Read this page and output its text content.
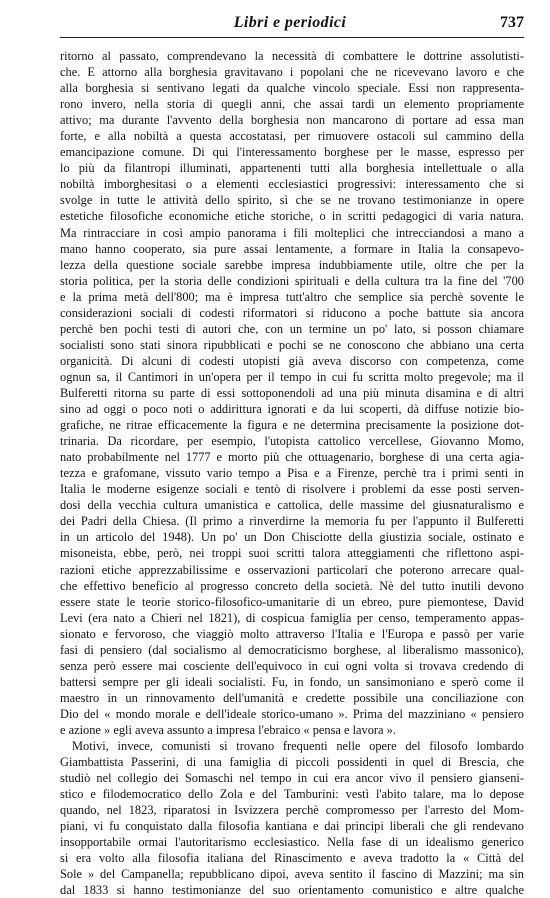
Libri e periodici	737
ritorno al passato, comprendevano la necessità di combattere le dottrine assolutisti-
che. E attorno alla borghesia gravitavano i popolani che ne ricevevano lavoro e che
alla borghesia si sentivano legati da qualche vincolo speciale. Essi non rappresenta-
rono invero, nella storia di quegli anni, che assai tardi un elemento propriamente
attivo; ma durante l'avvento della borghesia non mancarono di portare ad essa man
forte, e alla nobiltà a questa accostatasi, per rimuovere ostacoli sul cammino della
emancipazione comune. Di qui l'interessamento borghese per le masse, espresso per
lo più da filantropi illuminati, appartenenti tutti alla borghesia intellettuale o alla
nobiltà imborghesitasi o a elementi ecclesiastici progressivi: interessamento che si
svolge in tutte le attività dello spirito, sì che se ne trovano testimonianze in opere
estetiche filosofiche economiche etiche storiche, o in scritti pedagogici di varia natura.
Ma rintracciare in così ampio panorama i fili molteplici che intrecciandosi a mano a
mano hanno cooperato, sia pure assai lentamente, a formare in Italia la consapevo-
lezza della questione sociale sarebbe impresa indubbiamente utile, oltre che per la
storia politica, per la storia delle condizioni spirituali e della cultura tra la fine del '700
e la prima metà dell'800; ma è impresa tutt'altro che semplice sia perchè sovente le
considerazioni sociali di codesti riformatori si riducono a poche battute sia ancora
perchè ben pochi testi di autori che, con un termine un po' lato, si posson chiamare
socialisti sono stati sinora ripubblicati e pochi se ne conoscono che abbiano una certa
organicità. Di alcuni di codesti utopisti già aveva discorso con competenza, come
ognun sa, il Cantimori in un'opera per il tempo in cui fu scritta molto pregevole; ma il
Bulferetti ritorna su parte di essi sottoponendoli ad una più minuta disamina e di altri
sino ad oggi o poco noti o addirittura ignorati e da lui scoperti, dà diffuse notizie bio-
grafiche, ne ritrae efficacemente la figura e ne determina precisamente la posizione dot-
trinaria. Da ricordare, per esempio, l'utopista cattolico vercellese, Giovanno Momo,
nato probabilmente nel 1777 e morto più che ottuagenario, borghese di una certa agia-
tezza e grafomane, vissuto vario tempo a Pisa e a Firenze, perchè tra i primi senti in
Italia le moderne esigenze sociali e tentò di risolvere i problemi da esse posti serven-
dosi della vecchia cultura umanistica e cattolica, delle massime del giusnaturalismo e
dei Padri della Chiesa. (Il primo a rinverdirne la memoria fu per l'appunto il Bulferetti
in un articolo del 1948). Un po' un Don Chisciotte della giustizia sociale, ostinato e
misoneista, ebbe, però, nei troppi suoi scritti talora atteggiamenti che riflettono aspi-
razioni etiche apprezzabilissime e osservazioni particolari che poterono arrecare qual-
che effettivo beneficio al progresso concreto della società. Nè del tutto inutili devono
essere state le teorie storico-filosofico-umanitarie di un ebreo, pure piemontese, David
Levi (era nato a Chieri nel 1821), di cospicua famiglia per censo, temperamento appas-
sionato e fervoroso, che viaggiò molto attraverso l'Italia e l'Europa e passò per varie
fasi di pensiero (dal socialismo al democraticismo borghese, al liberalismo massonico),
senza però essere mai cosciente dell'equivoco in cui ogni volta si trovava credendo di
battersi sempre per gli ideali socialisti. Fu, in fondo, un sansimoniano e sperò come il
maestro in un rinnovamento dell'umanità e credette possibile una conciliazione con
Dio del « mondo morale e dell'ideale storico-umano ». Prima del mazziniano « pensiero
e azione » egli aveva assunto a impresa l'ebraico « pensa e lavora ».
Motivi, invece, comunisti si trovano frequenti nelle opere del filosofo lombardo
Giambattista Passerini, di una famiglia di piccoli possidenti in quel di Brescia, che
studiò nel collegio dei Somaschi nel tempo in cui era ancor vivo il pensiero gianseni-
stico e filodemocratico dello Zola e del Tamburini: vestì l'abito talare, ma lo depose
quando, nel 1823, riparatosi in Isvizzera perchè compromesso per l'arresto del Mom-
piani, vi fu conquistato dalla filosofia kantiana e dai principi liberali che gli rendevano
insopportabile ormai l'autoritarismo ecclesiastico. Nella fase di un idealismo generico
si era volto alla filosofia italiana del Rinascimento e aveva tradotto la « Città del
Sole » del Campanella; repubblicano dipoi, aveva sentito il fascino di Mazzini; ma sin
dal 1833 si hanno testimonianze del suo orientamento comunistico e altre qualche
